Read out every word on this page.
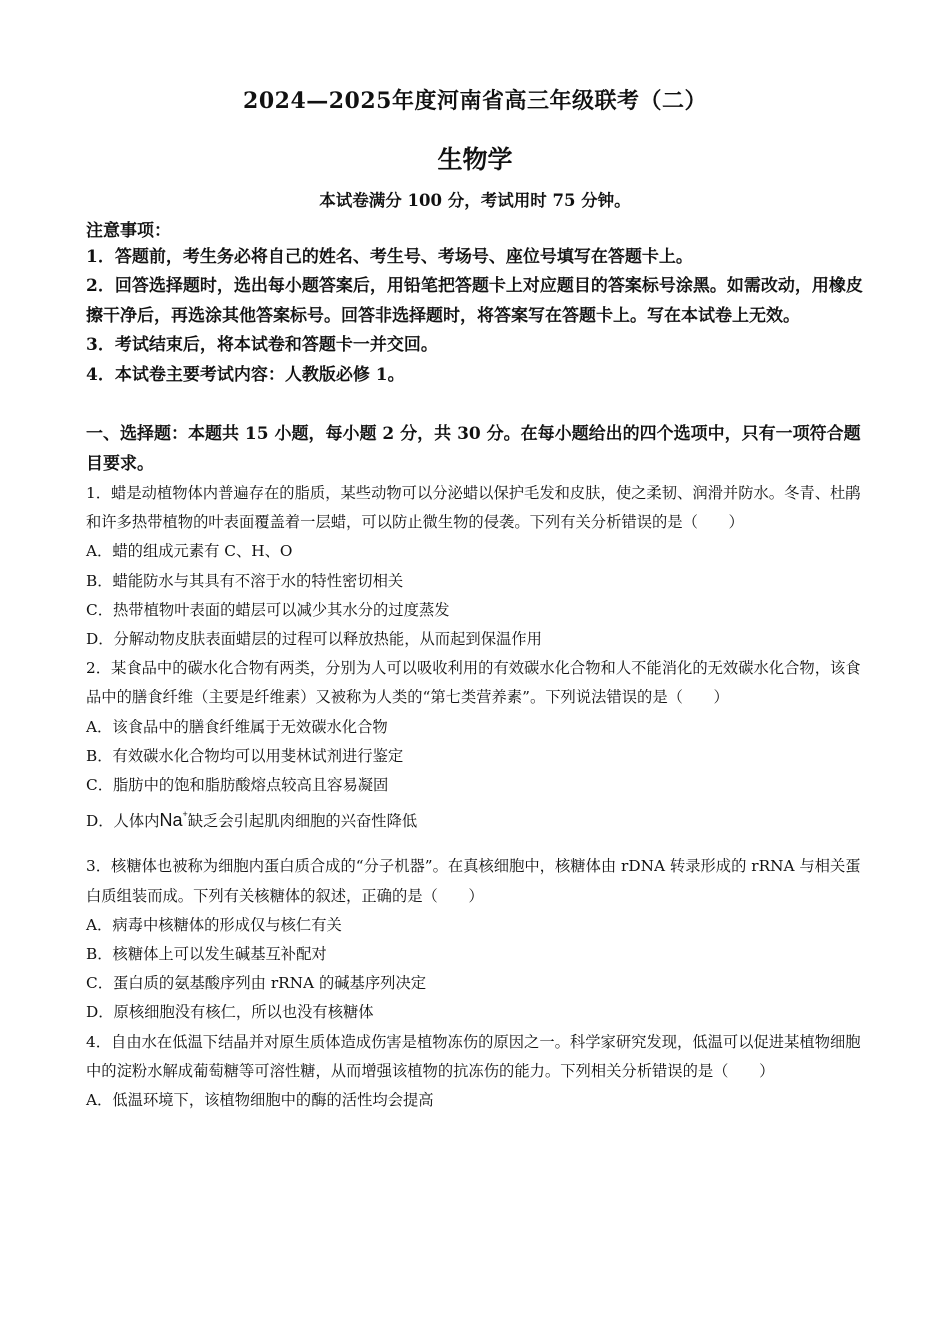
2024—2025年度河南省高三年级联考（二）
生物学
本试卷满分 100 分，考试用时 75 分钟。
注意事项：

1．答题前，考生务必将自己的姓名、考生号、考场号、座位号填写在答题卡上。

2．回答选择题时，选出每小题答案后，用铅笔把答题卡上对应题目的答案标号涂黑。如需改动，用橡皮擦干净后，再选涂其他答案标号。回答非选择题时，将答案写在答题卡上。写在本试卷上无效。

3．考试结束后，将本试卷和答题卡一并交回。

4．本试卷主要考试内容：人教版必修 1。

一、选择题：本题共 15 小题，每小题 2 分，共 30 分。在每小题给出的四个选项中，只有一项符合题目要求。

1．蜡是动植物体内普遍存在的脂质，某些动物可以分泌蜡以保护毛发和皮肤，使之柔韧、润滑并防水。冬青、杜鹃和许多热带植物的叶表面覆盖着一层蜡，可以防止微生物的侵袭。下列有关分析错误的是（　　）

A．蜡的组成元素有 C、H、O

B．蜡能防水与其具有不溶于水的特性密切相关

C．热带植物叶表面的蜡层可以减少其水分的过度蒸发

D．分解动物皮肤表面蜡层的过程可以释放热能，从而起到保温作用

2．某食品中的碳水化合物有两类，分别为人可以吸收利用的有效碳水化合物和人不能消化的无效碳水化合物，该食品中的膳食纤维（主要是纤维素）又被称为人类的“第七类营养素”。下列说法错误的是（　　）

A．该食品中的膳食纤维属于无效碳水化合物

B．有效碳水化合物均可以用斐林试剂进行鉴定

C．脂肪中的饱和脂肪酸熔点较高且容易凝固

D．人体内Na+缺乏会引起肌肉细胞的兴奋性降低

3．核糖体也被称为细胞内蛋白质合成的“分子机器”。在真核细胞中，核糖体由 rDNA 转录形成的 rRNA 与相关蛋白质组装而成。下列有关核糖体的叙述，正确的是（　　）

A．病毒中核糖体的形成仅与核仁有关

B．核糖体上可以发生碱基互补配对

C．蛋白质的氨基酸序列由 rRNA 的碱基序列决定

D．原核细胞没有核仁，所以也没有核糖体

4．自由水在低温下结晶并对原生质体造成伤害是植物冻伤的原因之一。科学家研究发现，低温可以促进某植物细胞中的淀粉水解成葡萄糖等可溶性糖，从而增强该植物的抗冻伤的能力。下列相关分析错误的是（　　）

A．低温环境下，该植物细胞中的酶的活性均会提高
